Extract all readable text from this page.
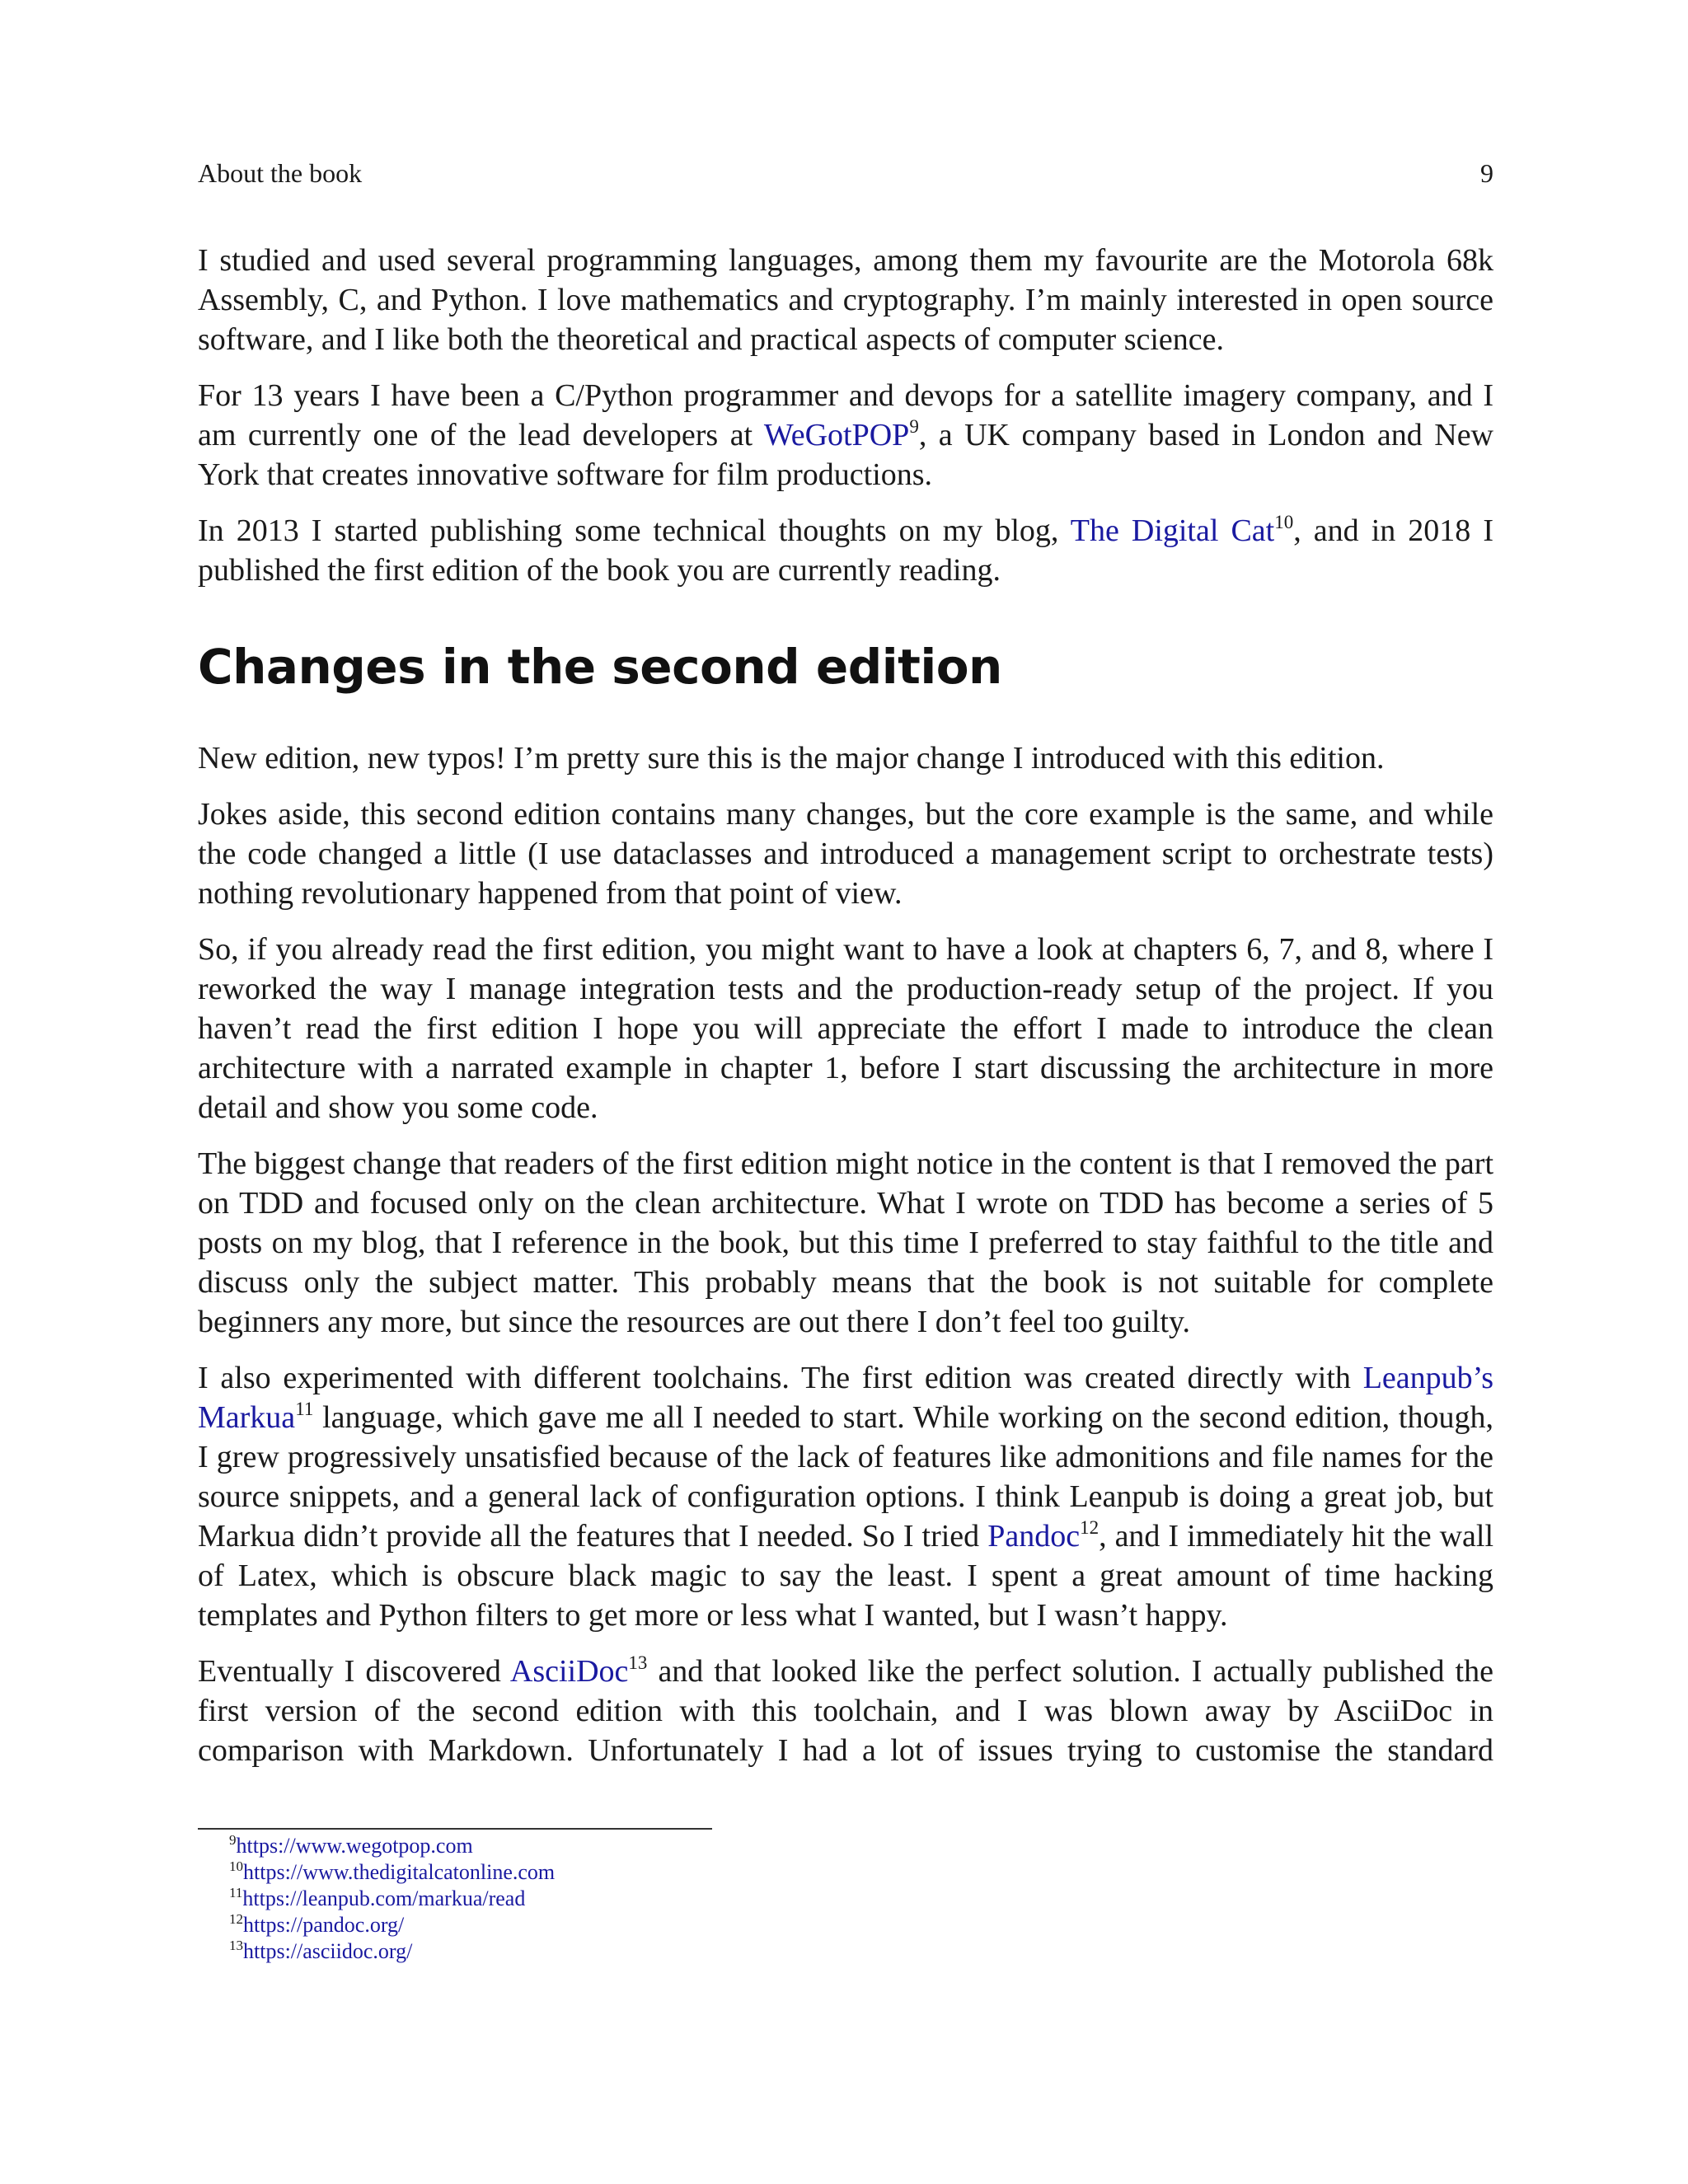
About the book	9

I studied and used several programming languages, among them my favourite are the Motorola 68k Assembly, C, and Python. I love mathematics and cryptography. I’m mainly interested in open source software, and I like both the theoretical and practical aspects of computer science.

For 13 years I have been a C/Python programmer and devops for a satellite imagery company, and I am currently one of the lead developers at WeGotPOP$^9$, a UK company based in London and New York that creates innovative software for film productions.

In 2013 I started publishing some technical thoughts on my blog, The Digital Cat$^{10}$, and in 2018 I published the first edition of the book you are currently reading.

Changes in the second edition

New edition, new typos! I’m pretty sure this is the major change I introduced with this edition.

Jokes aside, this second edition contains many changes, but the core example is the same, and while the code changed a little (I use dataclasses and introduced a management script to orchestrate tests) nothing revolutionary happened from that point of view.

So, if you already read the first edition, you might want to have a look at chapters 6, 7, and 8, where I reworked the way I manage integration tests and the production-ready setup of the project. If you haven’t read the first edition I hope you will appreciate the effort I made to introduce the clean architecture with a narrated example in chapter 1, before I start discussing the architecture in more detail and show you some code.

The biggest change that readers of the first edition might notice in the content is that I removed the part on TDD and focused only on the clean architecture. What I wrote on TDD has become a series of 5 posts on my blog, that I reference in the book, but this time I preferred to stay faithful to the title and discuss only the subject matter. This probably means that the book is not suitable for complete beginners any more, but since the resources are out there I don’t feel too guilty.

I also experimented with different toolchains. The first edition was created directly with Leanpub’s Markua$^{11}$ language, which gave me all I needed to start. While working on the second edition, though, I grew progressively unsatisfied because of the lack of features like admonitions and file names for the source snippets, and a general lack of configuration options. I think Leanpub is doing a great job, but Markua didn’t provide all the features that I needed. So I tried Pandoc$^{12}$, and I immediately hit the wall of Latex, which is obscure black magic to say the least. I spent a great amount of time hacking templates and Python filters to get more or less what I wanted, but I wasn’t happy.

Eventually I discovered AsciiDoc$^{13}$ and that looked like the perfect solution. I actually published the first version of the second edition with this toolchain, and I was blown away by AsciiDoc in comparison with Markdown. Unfortunately I had a lot of issues trying to customise the standard

$^9$https://www.wegotpop.com
$^{10}$https://www.thedigitalcatonline.com
$^{11}$https://leanpub.com/markua/read
$^{12}$https://pandoc.org/
$^{13}$https://asciidoc.org/
